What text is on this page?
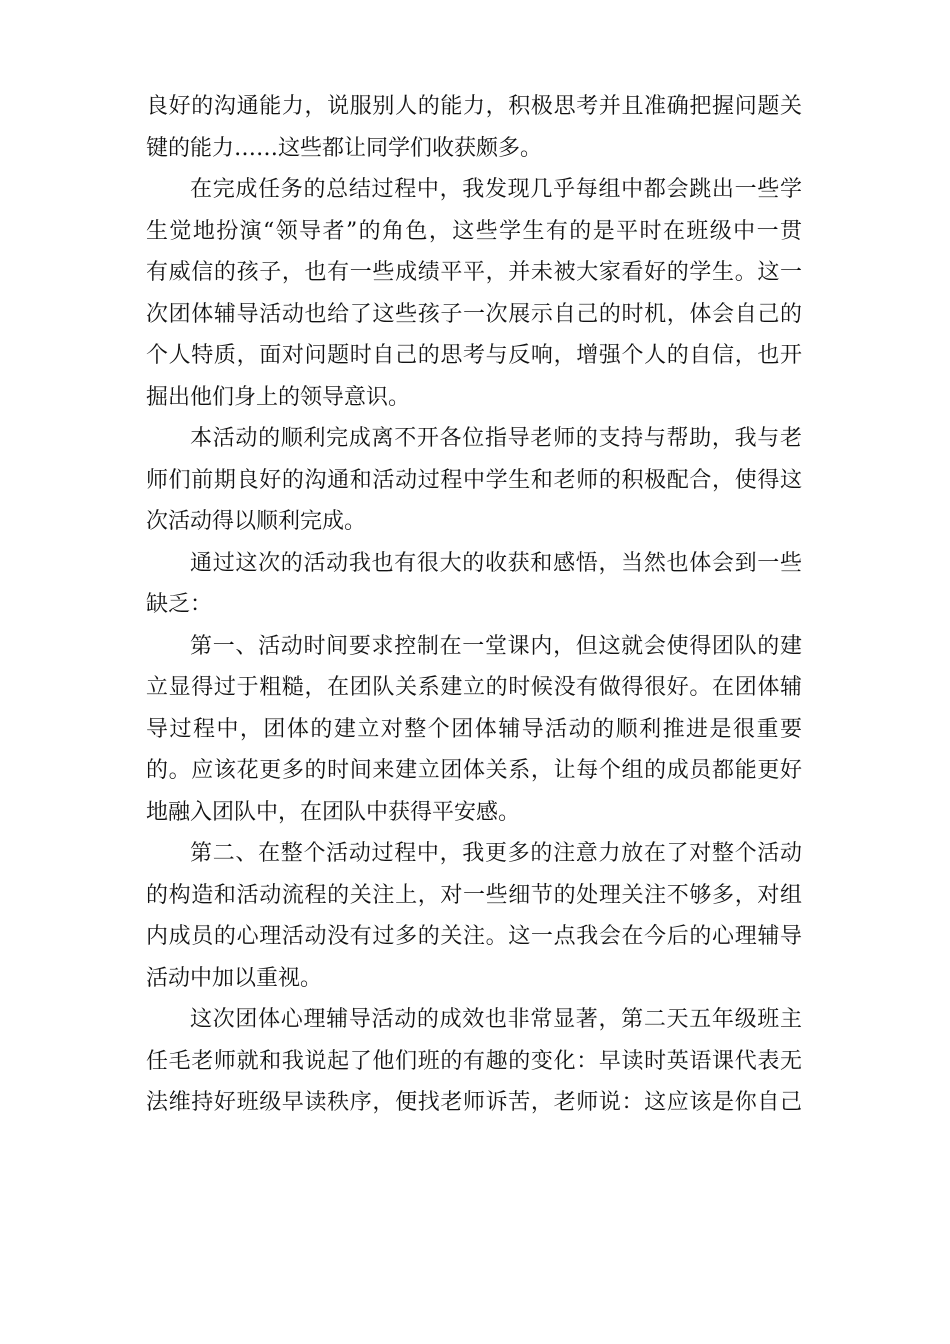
良好的沟通能力，说服别人的能力，积极思考并且准确把握问题关
键的能力……这些都让同学们收获颇多。
在完成任务的总结过程中，我发现几乎每组中都会跳出一些学
生觉地扮演“领导者”的角色，这些学生有的是平时在班级中一贯
有威信的孩子，也有一些成绩平平，并未被大家看好的学生。这一
次团体辅导活动也给了这些孩子一次展示自己的时机，体会自己的
个人特质，面对问题时自己的思考与反响，增强个人的自信，也开
掘出他们身上的领导意识。
本活动的顺利完成离不开各位指导老师的支持与帮助，我与老
师们前期良好的沟通和活动过程中学生和老师的积极配合，使得这
次活动得以顺利完成。
通过这次的活动我也有很大的收获和感悟，当然也体会到一些
缺乏：
第一、活动时间要求控制在一堂课内，但这就会使得团队的建
立显得过于粗糙，在团队关系建立的时候没有做得很好。在团体辅
导过程中，团体的建立对整个团体辅导活动的顺利推进是很重要
的。应该花更多的时间来建立团体关系，让每个组的成员都能更好
地融入团队中，在团队中获得平安感。
第二、在整个活动过程中，我更多的注意力放在了对整个活动
的构造和活动流程的关注上，对一些细节的处理关注不够多，对组
内成员的心理活动没有过多的关注。这一点我会在今后的心理辅导
活动中加以重视。
这次团体心理辅导活动的成效也非常显著，第二天五年级班主
任毛老师就和我说起了他们班的有趣的变化：早读时英语课代表无
法维持好班级早读秩序，便找老师诉苦，老师说：这应该是你自己
